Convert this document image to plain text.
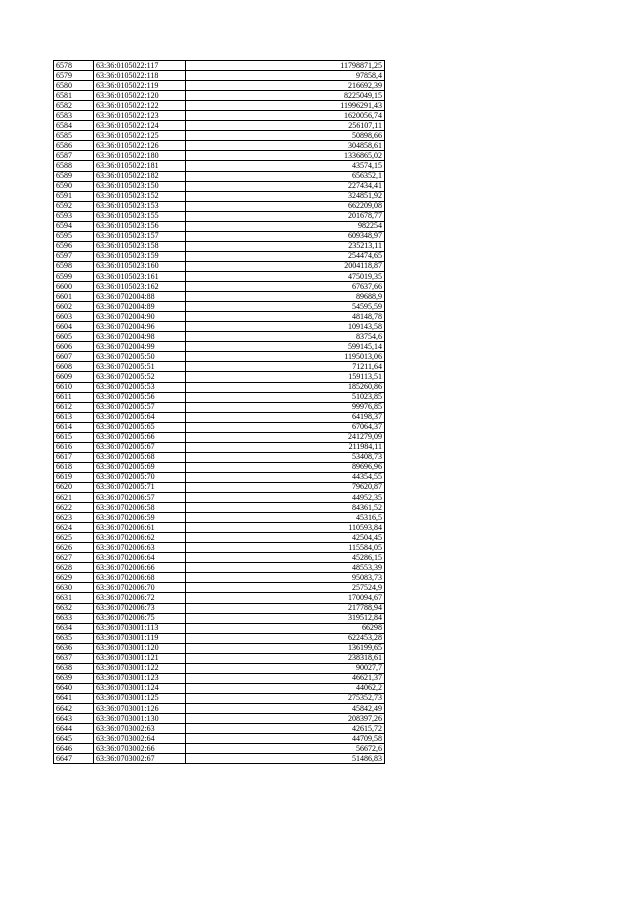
6578	63:36:0105022:117	11798871,25
6579	63:36:0105022:118	97858,4
6580	63:36:0105022:119	216692,39
6581	63:36:0105022:120	8225049,15
6582	63:36:0105022:122	11996291,43
6583	63:36:0105022:123	1620056,74
6584	63:36:0105022:124	256107,11
6585	63:36:0105022:125	50898,66
6586	63:36:0105022:126	304858,61
6587	63:36:0105022:180	1336865,02
6588	63:36:0105022:181	43574,15
6589	63:36:0105022:182	656352,1
6590	63:36:0105023:150	227434,41
6591	63:36:0105023:152	324851,92
6592	63:36:0105023:153	662209,08
6593	63:36:0105023:155	201678,77
6594	63:36:0105023:156	982254
6595	63:36:0105023:157	609348,97
6596	63:36:0105023:158	235213,11
6597	63:36:0105023:159	254474,65
6598	63:36:0105023:160	2004118,87
6599	63:36:0105023:161	475019,35
6600	63:36:0105023:162	67637,66
6601	63:36:0702004:88	89688,9
6602	63:36:0702004:89	54595,59
6603	63:36:0702004:90	48148,78
6604	63:36:0702004:96	109143,58
6605	63:36:0702004:98	83754,6
6606	63:36:0702004:99	599145,14
6607	63:36:0702005:50	1195013,06
6608	63:36:0702005:51	71211,64
6609	63:36:0702005:52	159113,51
6610	63:36:0702005:53	185260,86
6611	63:36:0702005:56	51023,85
6612	63:36:0702005:57	99976,85
6613	63:36:0702005:64	64198,37
6614	63:36:0702005:65	67064,37
6615	63:36:0702005:66	241279,09
6616	63:36:0702005:67	211984,11
6617	63:36:0702005:68	53408,73
6618	63:36:0702005:69	89696,96
6619	63:36:0702005:70	44354,55
6620	63:36:0702005:71	79620,87
6621	63:36:0702006:57	44952,35
6622	63:36:0702006:58	84361,52
6623	63:36:0702006:59	45316,5
6624	63:36:0702006:61	110593,84
6625	63:36:0702006:62	42504,45
6626	63:36:0702006:63	115584,05
6627	63:36:0702006:64	45286,15
6628	63:36:0702006:66	48553,39
6629	63:36:0702006:68	95083,73
6630	63:36:0702006:70	257524,9
6631	63:36:0702006:72	170094,67
6632	63:36:0702006:73	217788,94
6633	63:36:0702006:75	319512,84
6634	63:36:0703001:113	66298
6635	63:36:0703001:119	622453,28
6636	63:36:0703001:120	136199,65
6637	63:36:0703001:121	238318,61
6638	63:36:0703001:122	90027,7
6639	63:36:0703001:123	46621,37
6640	63:36:0703001:124	44062,2
6641	63:36:0703001:125	275352,73
6642	63:36:0703001:126	45842,49
6643	63:36:0703001:130	208397,26
6644	63:36:0703002:63	42615,72
6645	63:36:0703002:64	44709,58
6646	63:36:0703002:66	56672,6
6647	63:36:0703002:67	51486,83
